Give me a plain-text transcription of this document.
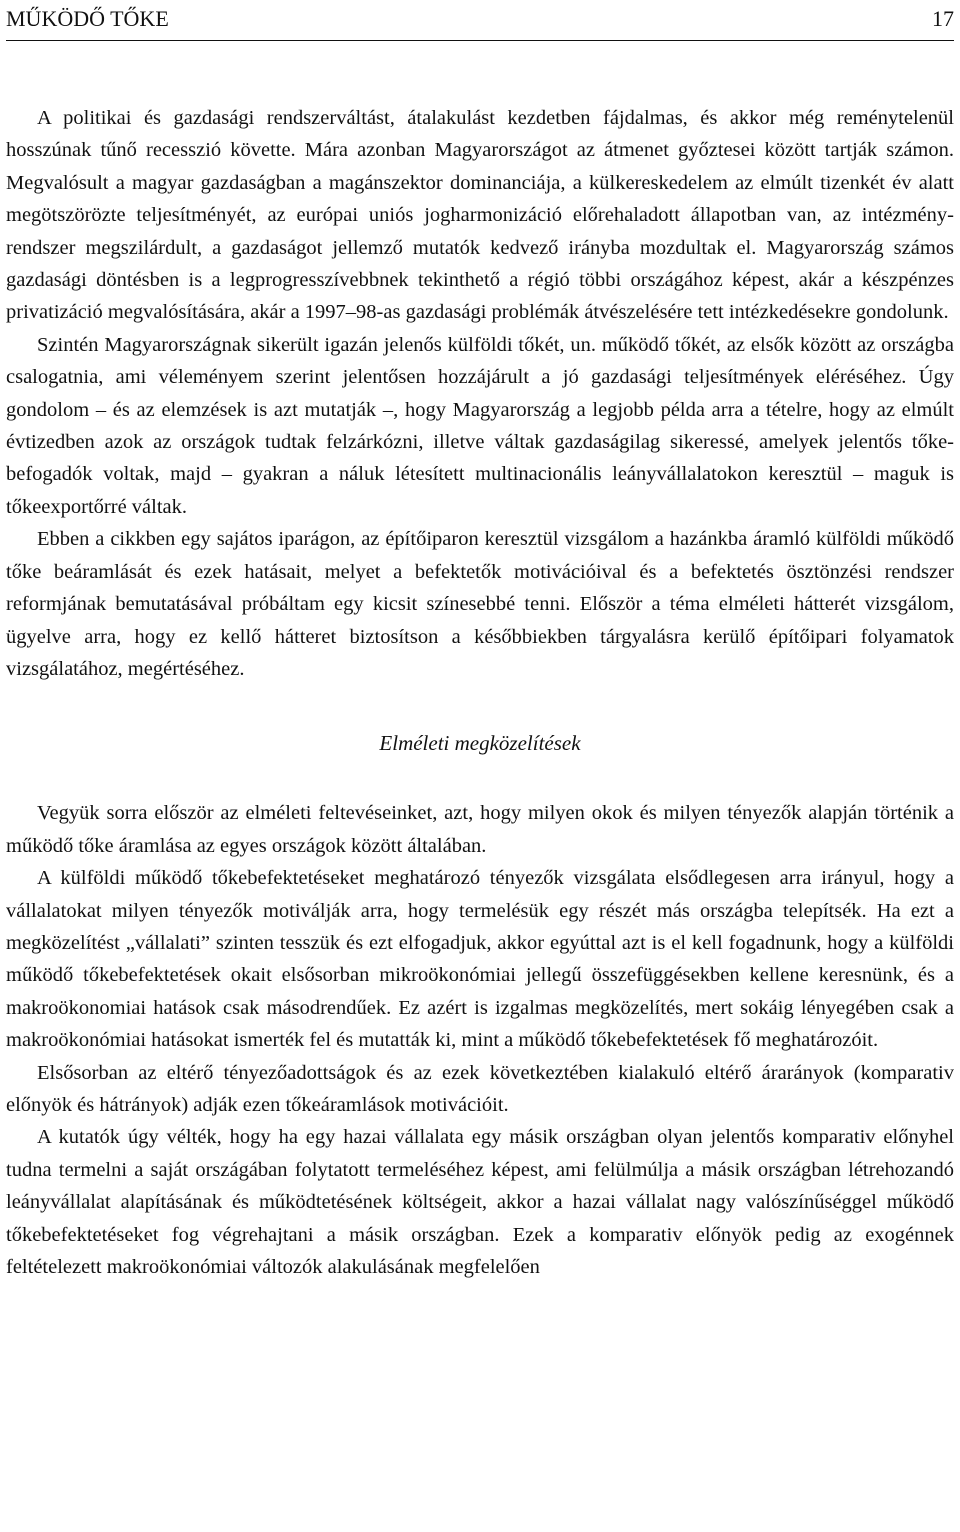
MŰKÖDŐ TŐKE	17

A politikai és gazdasági rendszerváltást, átalakulást kezdetben fájdalmas, és akkor még reménytelenül hosszúnak tűnő recesszió követte. Mára azonban Magyarországot az átmenet győztesei között tartják számon. Megvalósult a magyar gazdaságban a magánszektor dominanciája, a külkereskedelem az elmúlt tizenkét év alatt megötszörözte teljesítményét, az európai uniós jogharmonizáció előrehaladott állapotban van, az intézményrendszer megszilárdult, a gazdaságot jellemző mutatók kedvező irányba mozdultak el. Magyarország számos gazdasági döntésben is a legprogresszívebbnek tekinthető a régió többi országához képest, akár a készpénzes privatizáció megvalósítására, akár a 1997–98-as gazdasági problémák átvészelésére tett intézkedésekre gondolunk.

Szintén Magyarországnak sikerült igazán jelenős külföldi tőkét, un. működő tőkét, az elsők között az országba csalogatnia, ami véleményem szerint jelentősen hozzájárult a jó gazdasági teljesítmények eléréséhez. Úgy gondolom – és az elemzések is azt mutatják –, hogy Magyarország a legjobb példa arra a tételre, hogy az elmúlt évtizedben azok az országok tudtak felzárkózni, illetve váltak gazdaságilag sikeressé, amelyek jelentős tőkebefogadók voltak, majd – gyakran a náluk létesített multinacionális leányvállalatokon keresztül – maguk is tőkeexportőrré váltak.

Ebben a cikkben egy sajátos iparágon, az építőiparon keresztül vizsgálom a hazánkba áramló külföldi működő tőke beáramlását és ezek hatásait, melyet a befektetők motivációival és a befektetés ösztönzési rendszer reformjának bemutatásával próbáltam egy kicsit színesebbé tenni. Először a téma elméleti hátterét vizsgálom, ügyelve arra, hogy ez kellő hátteret biztosítson a későbbiekben tárgyalásra kerülő építőipari folyamatok vizsgálatához, megértéséhez.

Elméleti megközelítések

Vegyük sorra először az elméleti feltevéseinket, azt, hogy milyen okok és milyen tényezők alapján történik a működő tőke áramlása az egyes országok között általában.

A külföldi működő tőkebefektetéseket meghatározó tényezők vizsgálata elsődlegesen arra irányul, hogy a vállalatokat milyen tényezők motiválják arra, hogy termelésük egy részét más országba telepítsék. Ha ezt a megközelítést „vállalati” szinten tesszük és ezt elfogadjuk, akkor egyúttal azt is el kell fogadnunk, hogy a külföldi működő tőkebefektetések okait elsősorban mikroökonómiai jellegű összefüggésekben kellene keresnünk, és a makroökonomiai hatások csak másodrendűek. Ez azért is izgalmas megközelítés, mert sokáig lényegében csak a makroökonómiai hatásokat ismerték fel és mutatták ki, mint a működő tőkebefektetések fő meghatározóit.

Elsősorban az eltérő tényezőadottságok és az ezek következtében kialakuló eltérő árarányok (komparativ előnyök és hátrányok) adják ezen tőkeáramlások motivációit.

A kutatók úgy vélték, hogy ha egy hazai vállalata egy másik országban olyan jelentős komparativ előnyhel tudna termelni a saját országában folytatott termeléséhez képest, ami felülmúlja a másik országban létrehozandó leányvállalat alapításának és működtetésének költségeit, akkor a hazai vállalat nagy valószínűséggel működő tőkebefektetéseket fog végrehajtani a másik országban. Ezek a komparativ előnyök pedig az exogénnek feltételezett makroökonómiai változók alakulásának megfelelően
